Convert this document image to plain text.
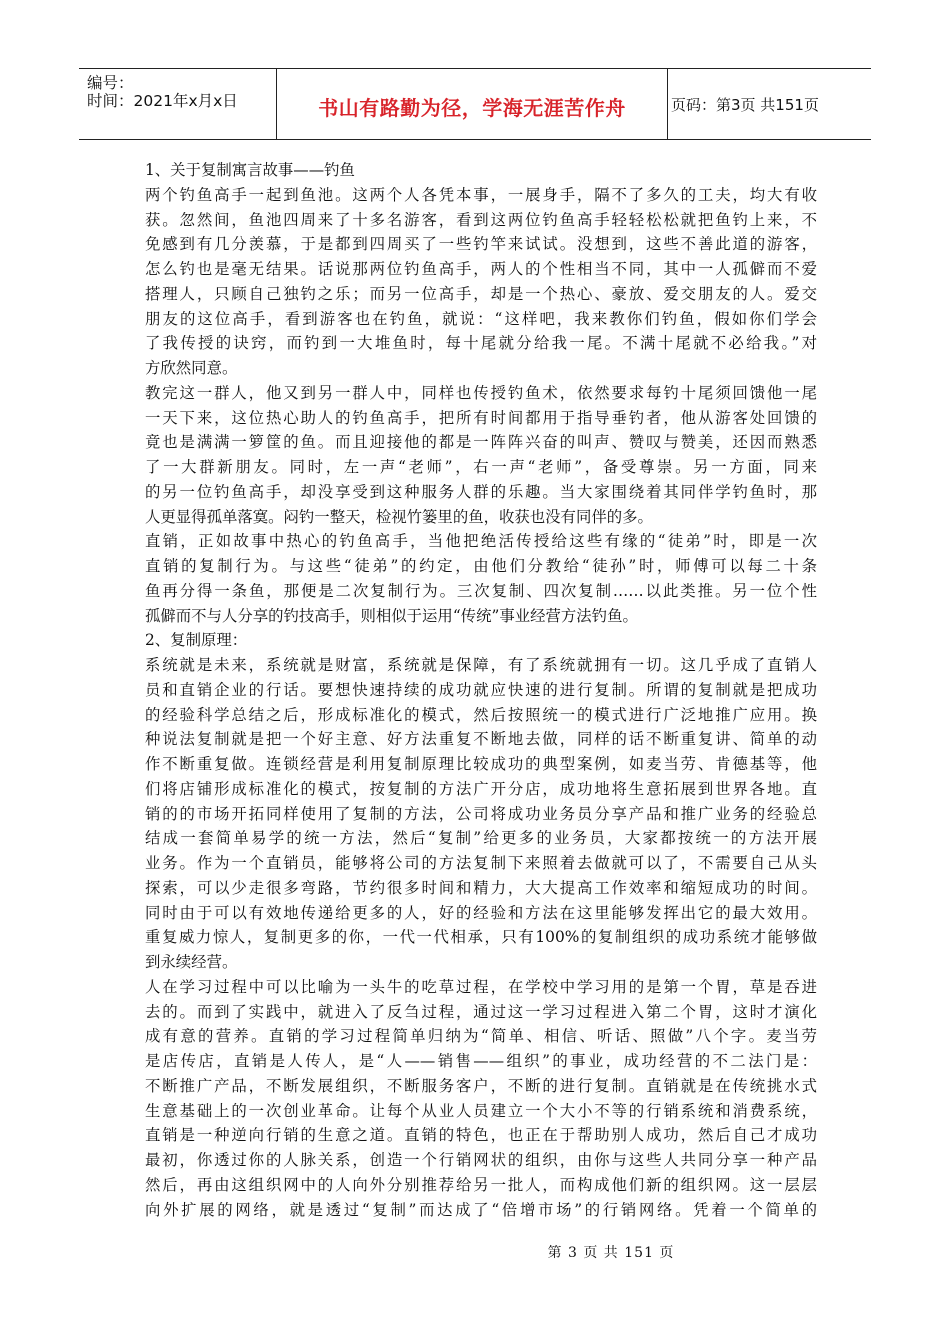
编号：
时间：2021年x月x日	书山有路勤为径，学海无涯苦作舟	页码：第3页 共151页
1、关于复制寓言故事——钓鱼
两个钓鱼高手一起到鱼池。这两个人各凭本事，一展身手，隔不了多久的工夫，均大有收
获。忽然间，鱼池四周来了十多名游客，看到这两位钓鱼高手轻轻松松就把鱼钓上来，不
免感到有几分羡慕，于是都到四周买了一些钓竿来试试。没想到，这些不善此道的游客，
怎么钓也是毫无结果。话说那两位钓鱼高手，两人的个性相当不同，其中一人孤僻而不爱
搭理人，只顾自己独钓之乐；而另一位高手，却是一个热心、豪放、爱交朋友的人。爱交
朋友的这位高手，看到游客也在钓鱼，就说：“这样吧，我来教你们钓鱼，假如你们学会
了我传授的诀窍，而钓到一大堆鱼时，每十尾就分给我一尾。不满十尾就不必给我。”对
方欣然同意。
教完这一群人，他又到另一群人中，同样也传授钓鱼术，依然要求每钓十尾须回馈他一尾
一天下来，这位热心助人的钓鱼高手，把所有时间都用于指导垂钓者，他从游客处回馈的
竟也是满满一箩筐的鱼。而且迎接他的都是一阵阵兴奋的叫声、赞叹与赞美，还因而熟悉
了一大群新朋友。同时，左一声“老师”，右一声“老师”，备受尊崇。另一方面，同来
的另一位钓鱼高手，却没享受到这种服务人群的乐趣。当大家围绕着其同伴学钓鱼时，那
人更显得孤单落寞。闷钓一整天，检视竹篓里的鱼，收获也没有同伴的多。
直销，正如故事中热心的钓鱼高手，当他把绝活传授给这些有缘的“徒弟”时，即是一次
直销的复制行为。与这些“徒弟”的约定，由他们分教给“徒孙”时，师傅可以每二十条
鱼再分得一条鱼，那便是二次复制行为。三次复制、四次复制……以此类推。另一位个性
孤僻而不与人分享的钓技高手，则相似于运用“传统”事业经营方法钓鱼。
2、复制原理：
系统就是未来，系统就是财富，系统就是保障，有了系统就拥有一切。这几乎成了直销人
员和直销企业的行话。要想快速持续的成功就应快速的进行复制。所谓的复制就是把成功
的经验科学总结之后，形成标准化的模式，然后按照统一的模式进行广泛地推广应用。换
种说法复制就是把一个好主意、好方法重复不断地去做，同样的话不断重复讲、简单的动
作不断重复做。连锁经营是利用复制原理比较成功的典型案例，如麦当劳、肯德基等，他
们将店铺形成标准化的模式，按复制的方法广开分店，成功地将生意拓展到世界各地。直
销的的市场开拓同样使用了复制的方法，公司将成功业务员分享产品和推广业务的经验总
结成一套简单易学的统一方法，然后“复制”给更多的业务员，大家都按统一的方法开展
业务。作为一个直销员，能够将公司的方法复制下来照着去做就可以了，不需要自己从头
探索，可以少走很多弯路，节约很多时间和精力，大大提高工作效率和缩短成功的时间。
同时由于可以有效地传递给更多的人，好的经验和方法在这里能够发挥出它的最大效用。
重复威力惊人，复制更多的你，一代一代相承，只有100%的复制组织的成功系统才能够做
到永续经营。
人在学习过程中可以比喻为一头牛的吃草过程，在学校中学习用的是第一个胃，草是吞进
去的。而到了实践中，就进入了反刍过程，通过这一学习过程进入第二个胃，这时才演化
成有意的营养。直销的学习过程简单归纳为“简单、相信、听话、照做”八个字。麦当劳
是店传店，直销是人传人，是“人——销售——组织”的事业，成功经营的不二法门是：
不断推广产品，不断发展组织，不断服务客户，不断的进行复制。直销就是在传统挑水式
生意基础上的一次创业革命。让每个从业人员建立一个大小不等的行销系统和消费系统，
直销是一种逆向行销的生意之道。直销的特色，也正在于帮助别人成功，然后自己才成功
最初，你透过你的人脉关系，创造一个行销网状的组织，由你与这些人共同分享一种产品
然后，再由这组织网中的人向外分别推荐给另一批人，而构成他们新的组织网。这一层层
向外扩展的网络，就是透过“复制”而达成了“倍增市场”的行销网络。凭着一个简单的
第 3 页 共 151 页
